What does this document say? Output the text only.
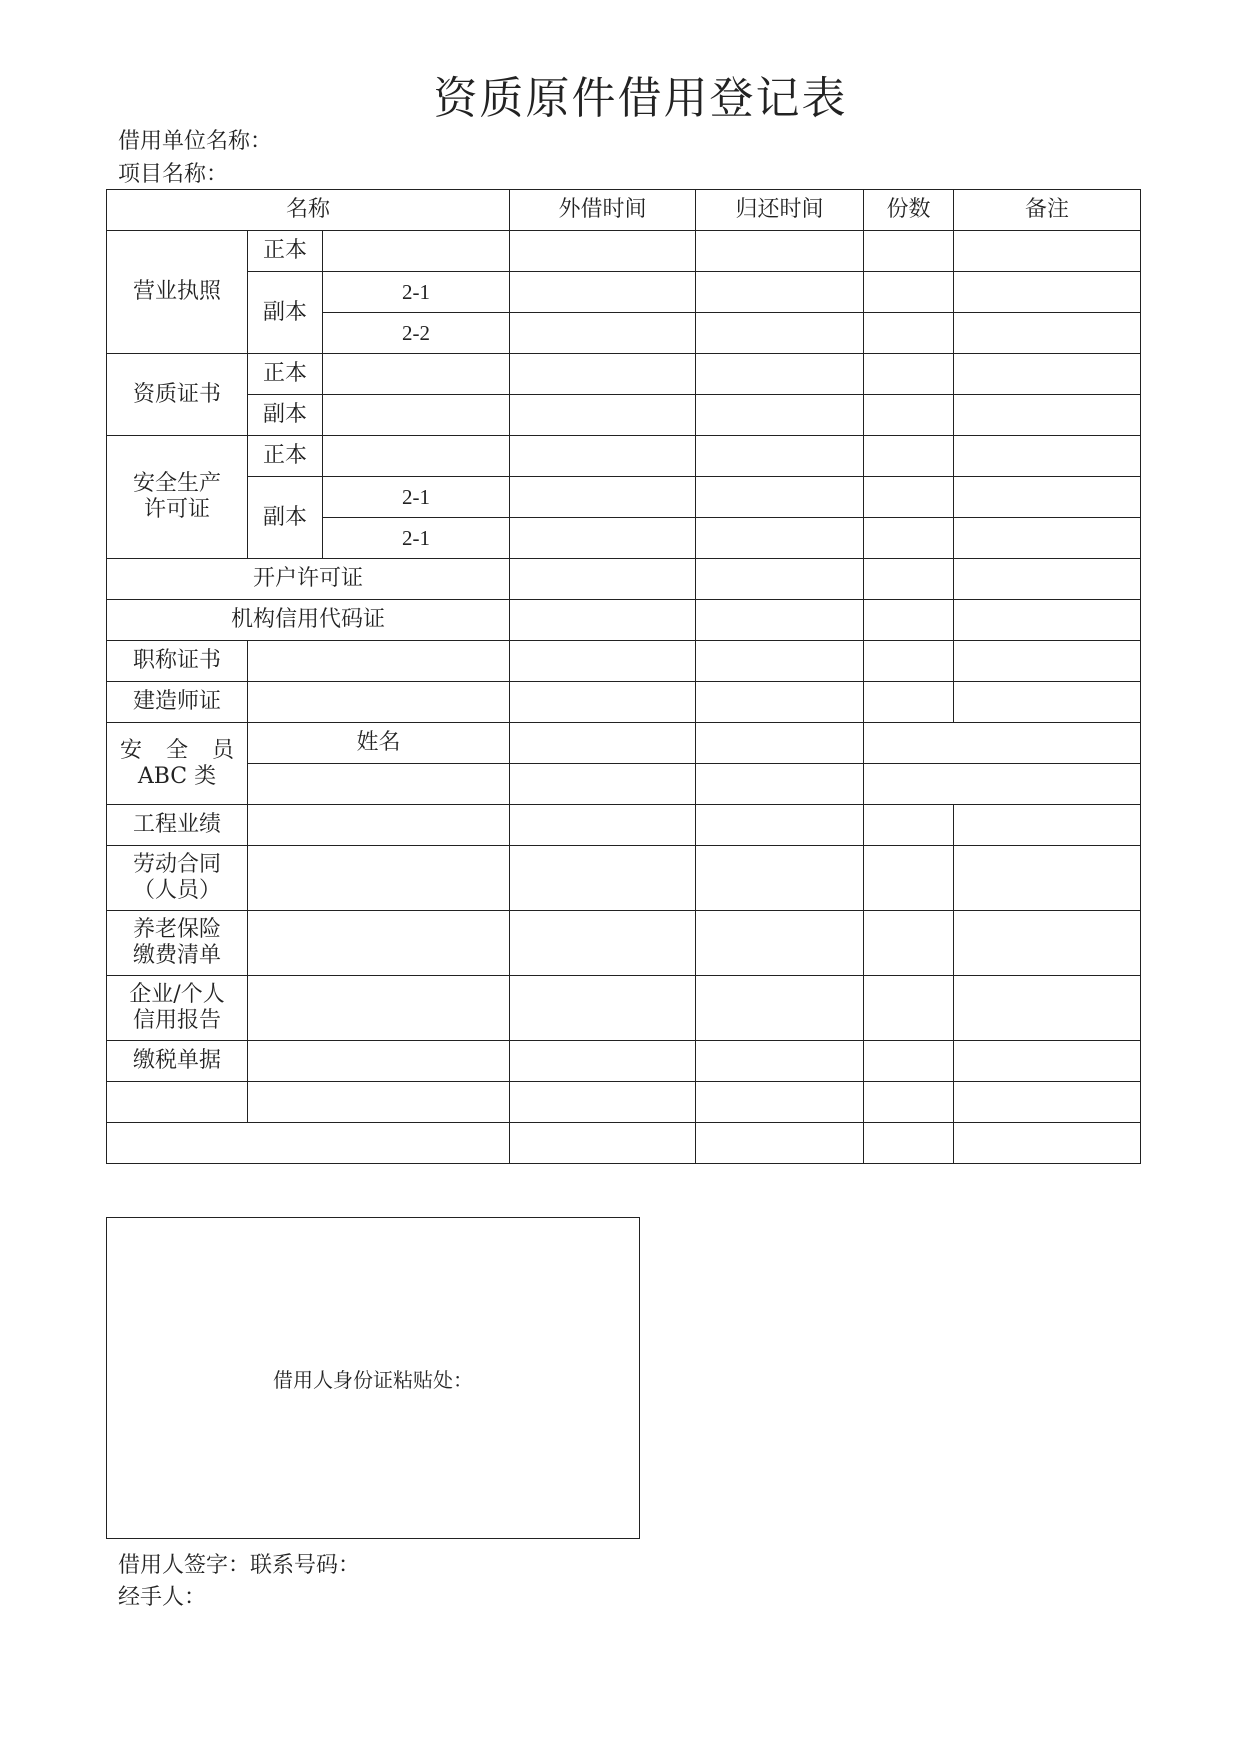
资质原件借用登记表
借用单位名称：
项目名称：
名称			外借时间	归还时间	份数	备注
营业执照	正本					
	副本	2-1				
		2-2				
资质证书	正本					
	副本					

安全生产
许可证	正本					
	副本	2-1				
		2-1				
开户许可证						
机构信用代码证						
职称证书						
建造师证						

安 全 员
ABC 类	姓名					

工程业绩						

劳动合同
（人员）						

养老保险
缴费清单						

企业/个人
信用报告						

缴税单据						

借用人身份证粘贴处：
借用人签字：联系号码：
经手人：
